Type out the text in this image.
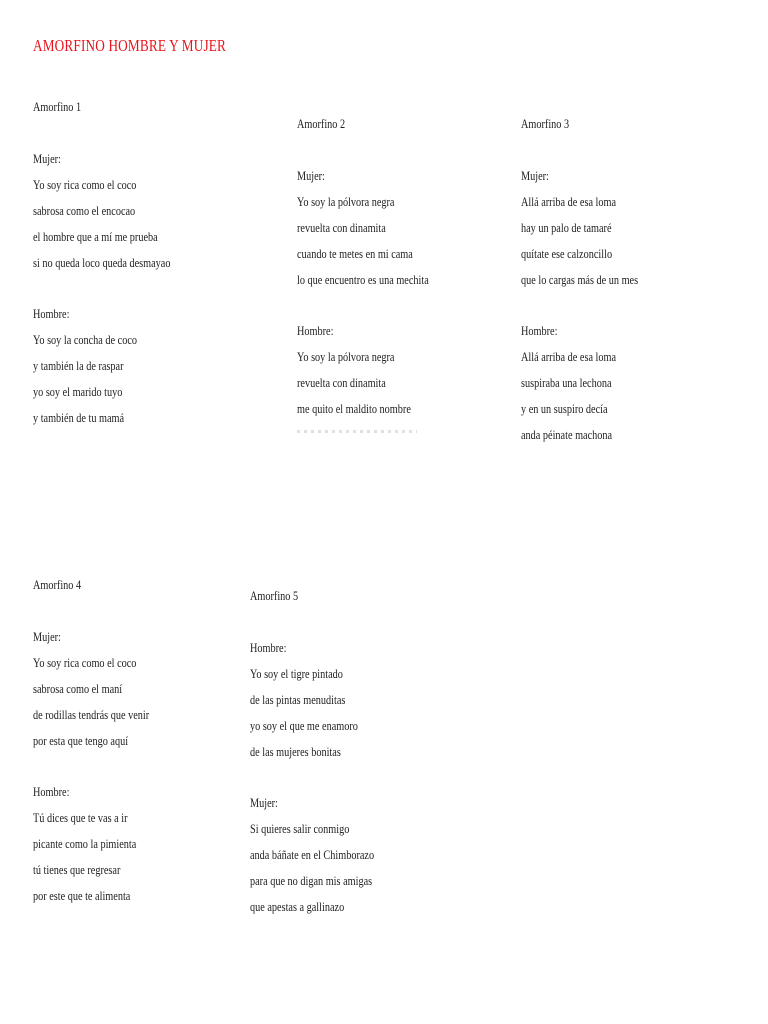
AMORFINO HOMBRE Y MUJER
Amorfino 1
Mujer:
Yo soy rica como el coco
sabrosa como el encocao
el hombre que a mí me prueba
si no queda loco queda desmayao
Hombre:
Yo soy la concha de coco
y también la de raspar
yo soy el marido tuyo
y también de tu mamá
Amorfino 2
Mujer:
Yo soy la pólvora negra
revuelta con dinamita
cuando te metes en mi cama
lo que encuentro es una mechita
Hombre:
Yo soy la pólvora negra
revuelta con dinamita
me quito el maldito nombre
Amorfino 3
Mujer:
Allá arriba de esa loma
hay un palo de tamaré
quítate ese calzoncillo
que lo cargas más de un mes
Hombre:
Allá arriba de esa loma
suspiraba una lechona
y en un suspiro decía
anda péinate machona
Amorfino 4
Mujer:
Yo soy rica como el coco
sabrosa como el maní
de rodillas tendrás que venir
por esta que tengo aquí
Hombre:
Tú dices que te vas a ir
picante como la pimienta
tú tienes que regresar
por este que te alimenta
Amorfino 5
Hombre:
Yo soy el tigre pintado
de las pintas menuditas
yo soy el que me enamoro
de las mujeres bonitas
Mujer:
Si quieres salir conmigo
anda báñate en el Chimborazo
para que no digan mis amigas
que apestas a gallinazo
